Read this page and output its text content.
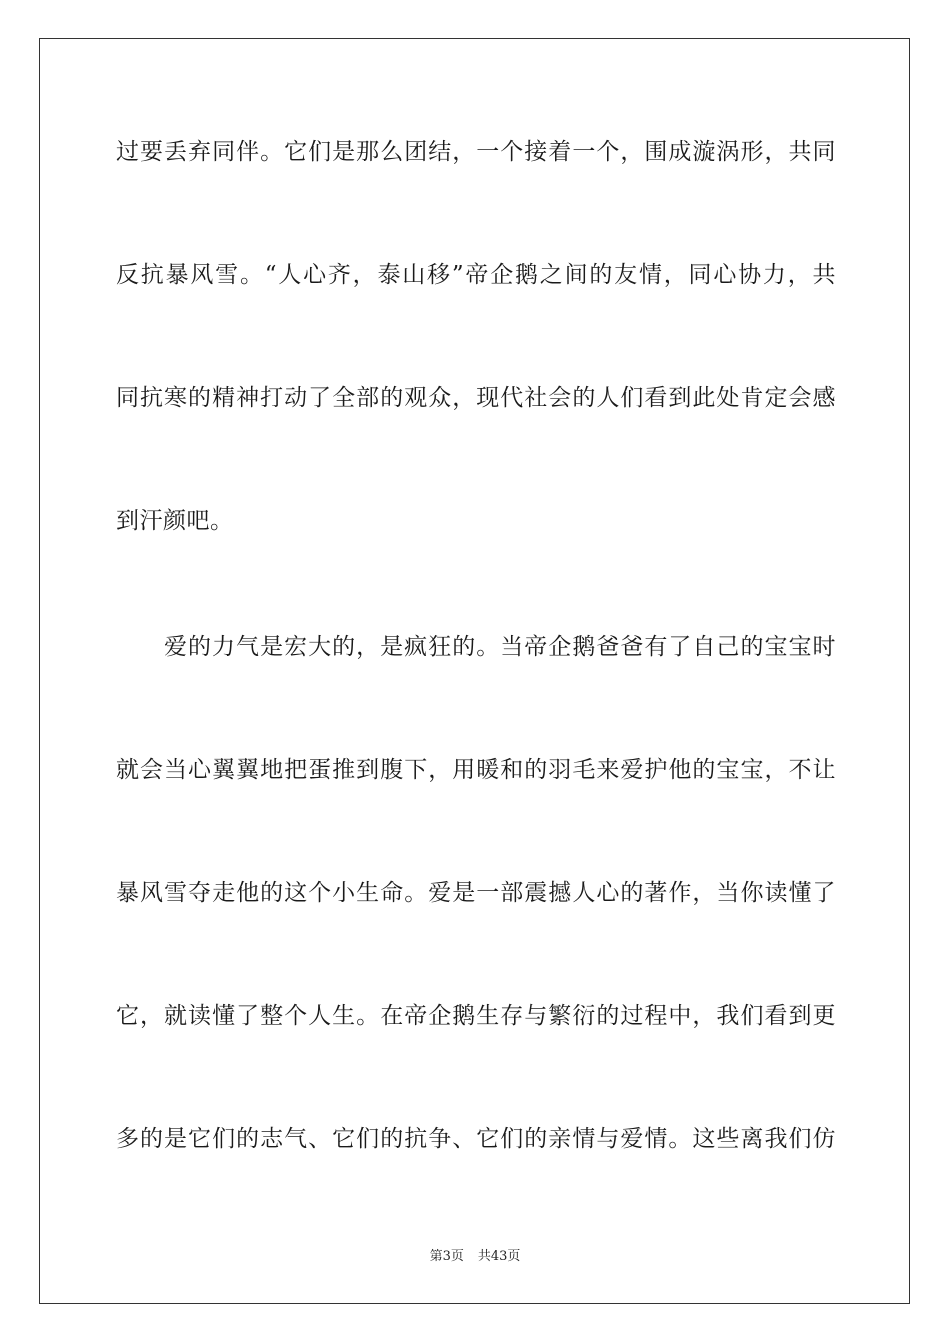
过要丢弃同伴。它们是那么团结，一个接着一个，围成漩涡形，共同
反抗暴风雪。“人心齐，泰山移”帝企鹅之间的友情，同心协力，共
同抗寒的精神打动了全部的观众，现代社会的人们看到此处肯定会感
到汗颜吧。
爱的力气是宏大的，是疯狂的。当帝企鹅爸爸有了自己的宝宝时
就会当心翼翼地把蛋推到腹下，用暖和的羽毛来爱护他的宝宝，不让
暴风雪夺走他的这个小生命。爱是一部震撼人心的著作，当你读懂了
它，就读懂了整个人生。在帝企鹅生存与繁衍的过程中，我们看到更
多的是它们的志气、它们的抗争、它们的亲情与爱情。这些离我们仿
第3页 共43页
